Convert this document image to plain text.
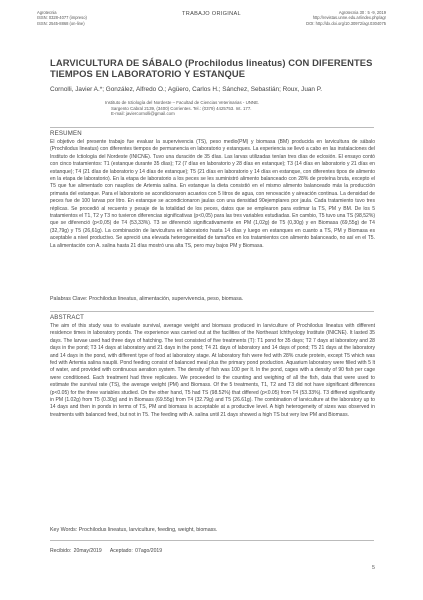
Agrotecnia
ISSN: 0328-4077 (impreso)
ISSN: 2545-8868 (on-line)
TRABAJO ORIGINAL	Agrotecnia 30 : 5 -9, 2019
http://revistas.unne.edu.ar/index.php/agr
DOI: http://dx.doi.org/10.30972/agr.0304075
LARVICULTURA DE SÁBALO (Prochilodus lineatus) CON DIFERENTES TIEMPOS EN LABORATORIO Y ESTANQUE
Cornolli, Javier A.*; González, Alfredo O.; Agüero, Carlos H.; Sánchez, Sebastián; Roux, Juan P.
Instituto de Ictiología del Nordeste – Facultad de Ciencias Veterinarias - UNNE.
Sargento Cabral 2139, (3400) Corrientes. Tel.: (0379) 4425753. Int. 177.
E-mail: javiercornolli@gmail.com
RESUMEN
El objetivo del presente trabajo fue evaluar la supervivencia (TS), peso medio(PM) y biomasa (BM) producida en larvicultura de sábalo (Prochilodus lineatus) con diferentes tiempos de permanencia en laboratorio y estanques. La experiencia se llevó a cabo en las instalaciones del Instituto de Ictiología del Nordeste (INICNE). Tuvo una duración de 35 días. Las larvas utilizadas tenían tres días de eclosión. El ensayo contó con cinco tratamientos: T1 (estanque durante 35 días); T2 (7 días en laboratorio y 28 días en estanque); T3 (14 días en laboratorio y 21 días en estanque); T4 (21 días de laboratorio y 14 días de estanque); T5 (21 días en laboratorio y 14 días en estanque, con diferentes tipos de alimento en la etapa de laboratorio). En la etapa de laboratorio a los peces se les suministró alimento balanceado con 28% de proteína bruta, excepto el T5 que fue alimentado con nauplios de Artemia salina. En estanque la dieta consistió en el mismo alimento balanceado más la producción primaria del estanque. Para el laboratorio se acondicionaron acuarios con 5 litros de agua, con renovación y aireación continua. La densidad de peces fue de 100 larvas por litro. En estanque se acondicionaron jaulas con una densidad 90ejemplares por jaula. Cada tratamiento tuvo tres réplicas. Se procedió al recuento y pesaje de la totalidad de los peces, datos que se emplearon para estimar la TS, PM y BM. De los 5 tratamientos el T1, T2 y T3 no tuvieron diferencias significativas (p<0,05) para las tres variables estudiadas. En cambio, T5 tuvo una TS (98,52%) que se diferenció (p<0,05) de T4 (53,33%). T3 se diferenció significativamente en PM (1,02g) de T5 (0,30g) y en Biomasa (69,55g) de T4 (32,79g) y T5 (26,61g). La combinación de larvicultura en laboratorio hasta 14 días y luego en estanques en cuanto a TS, PM y Biomasa es aceptable a nivel productivo. Se apreció una elevada heterogeneidad de tamaños en los tratamientos con alimento balanceado, no así en el T5. La alimentación con A. salina hasta 21 días mostró una alta TS, pero muy bajos PM y Biomasa.
Palabras Clave: Prochilodus lineatus, alimentación, supervivencia, peso, biomasa.
ABSTRACT
The aim of this study was to evaluate survival, average weight and biomass produced in larviculture of Prochilodus lineatus with different residence times in laboratory ponds. The experience was carried out at the facilities of the Northeast Ichthyology Institute (INICNE). It lasted 35 days. The larvae used had three days of hatching. The test consisted of five treatments (T): T1 pond for 35 days; T2 7 days at laboratory and 28 days in the pond; T3 14 days at laboratory and 21 days in the pond; T4 21 days of laboratory and 14 days of pond; T5 21 days at the laboratory and 14 days in the pond, with different type of food at laboratory stage. At laboratory fish were fed with 28% crude protein, except T5 which was fed with Artemia salina nauplii. Pond feeding consist of balanced meal plus the primary pond production. Aquarium laboratory were filled with 5 lt of water, and provided with continuous aeration system. The density of fish was 100 per lt. In the pond, cages with a density of 90 fish per cage were conditioned. Each treatment had three replicates. We proceeded to the counting and weighing of all the fish, data that were used to estimate the survival rate (TS), the average weight (PM) and Biomass. Of the 5 treatments, T1, T2 and T3 did not have significant differences (p<0.05) for the three variables studied. On the other hand, T5 had TS (98.52%) that differed (p<0.05) from T4 (53.33%). T3 differed significantly in PM (1.02g) from T5 (0.30g) and in Biomass (69.55g) from T4 (32.79g) and T5 (26.61g). The combination of larviculture at the laboratory up to 14 days and then in ponds in terms of TS, PM and biomass is acceptable at a productive level. A high heterogeneity of sizes was observed in treatments with balanced feed, but not in T5. The feeding with A. salina until 21 days showed a high TS but very low PM and Biomass.
Key Words: Prochilodus lineatus, larviculture, feeding, weight, biomass.
Recibido: 20may/2019 Aceptado: 07ago/2019
5
